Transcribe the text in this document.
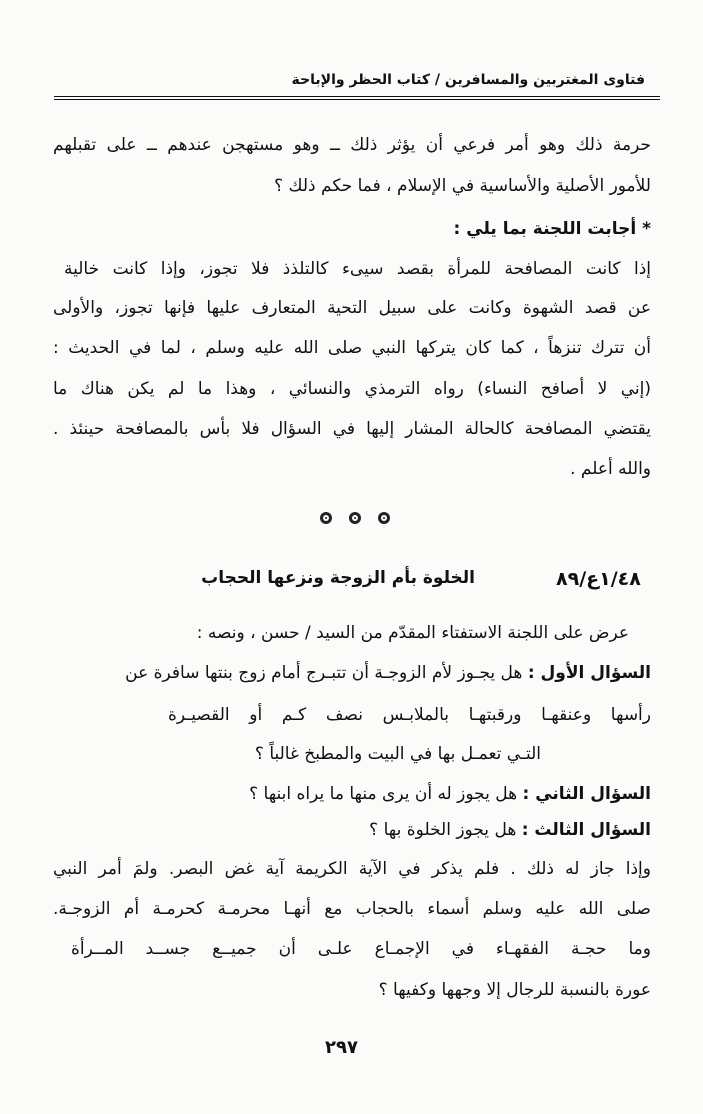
فتاوى المغتربين والمسافرين / كتاب الحظر والإباحة
حرمة ذلك وهو أمر فرعي أن يؤثر ذلك ــ وهو مستهجن عندهم ــ على تقبلهم
للأمور الأصلية والأساسية في الإسلام ، فما حكم ذلك ؟
* أجابت اللجنة بما يلي :
إذا كانت المصافحة للمرأة بقصد سيىء كالتلذذ فلا تجوز، وإذا كانت خالية
عن قصد الشهوة وكانت على سبيل التحية المتعارف عليها فإنها تجوز، والأولى
أن تترك تنزهاً ، كما كان يتركها النبي صلى الله عليه وسلم ، لما في الحديث :
(إني لا أصافح النساء) رواه الترمذي والنسائي ، وهذا ما لم يكن هناك ما
يقتضي المصافحة كالحالة المشار إليها في السؤال فلا بأس بالمصافحة حينئذ .
والله أعلم .
١/٤٨ع/٨٩
الخلوة بأم الزوجة ونزعها الحجاب
عرض على اللجنة الاستفتاء المقدّم من السيد / حسن ، ونصه :
السؤال الأول : هل يجـوز لأم الزوجـة أن تتبـرج أمام زوج بنتها سافرة عن
رأسها وعنقهـا ورقبتهـا بالملابـس نصف كـم أو القصيـرة
التـي تعمـل بها في البيت والمطبخ غالباً ؟
السؤال الثاني : هل يجوز له أن يرى منها ما يراه ابنها ؟
السؤال الثالث : هل يجوز الخلوة بها ؟
وإذا جاز له ذلك . فلم يذكر في الآية الكريمة آية غض البصر. ولمَ أمر النبي
صلى الله عليه وسلم أسماء بالحجاب مع أنهـا محرمـة كحرمـة أم الزوجـة.
وما حجـة الفقهـاء في الإجمـاع علـى أن جميــع جســد المــرأة
عورة بالنسبة للرجال إلا وجهها وكفيها ؟
٢٩٧
